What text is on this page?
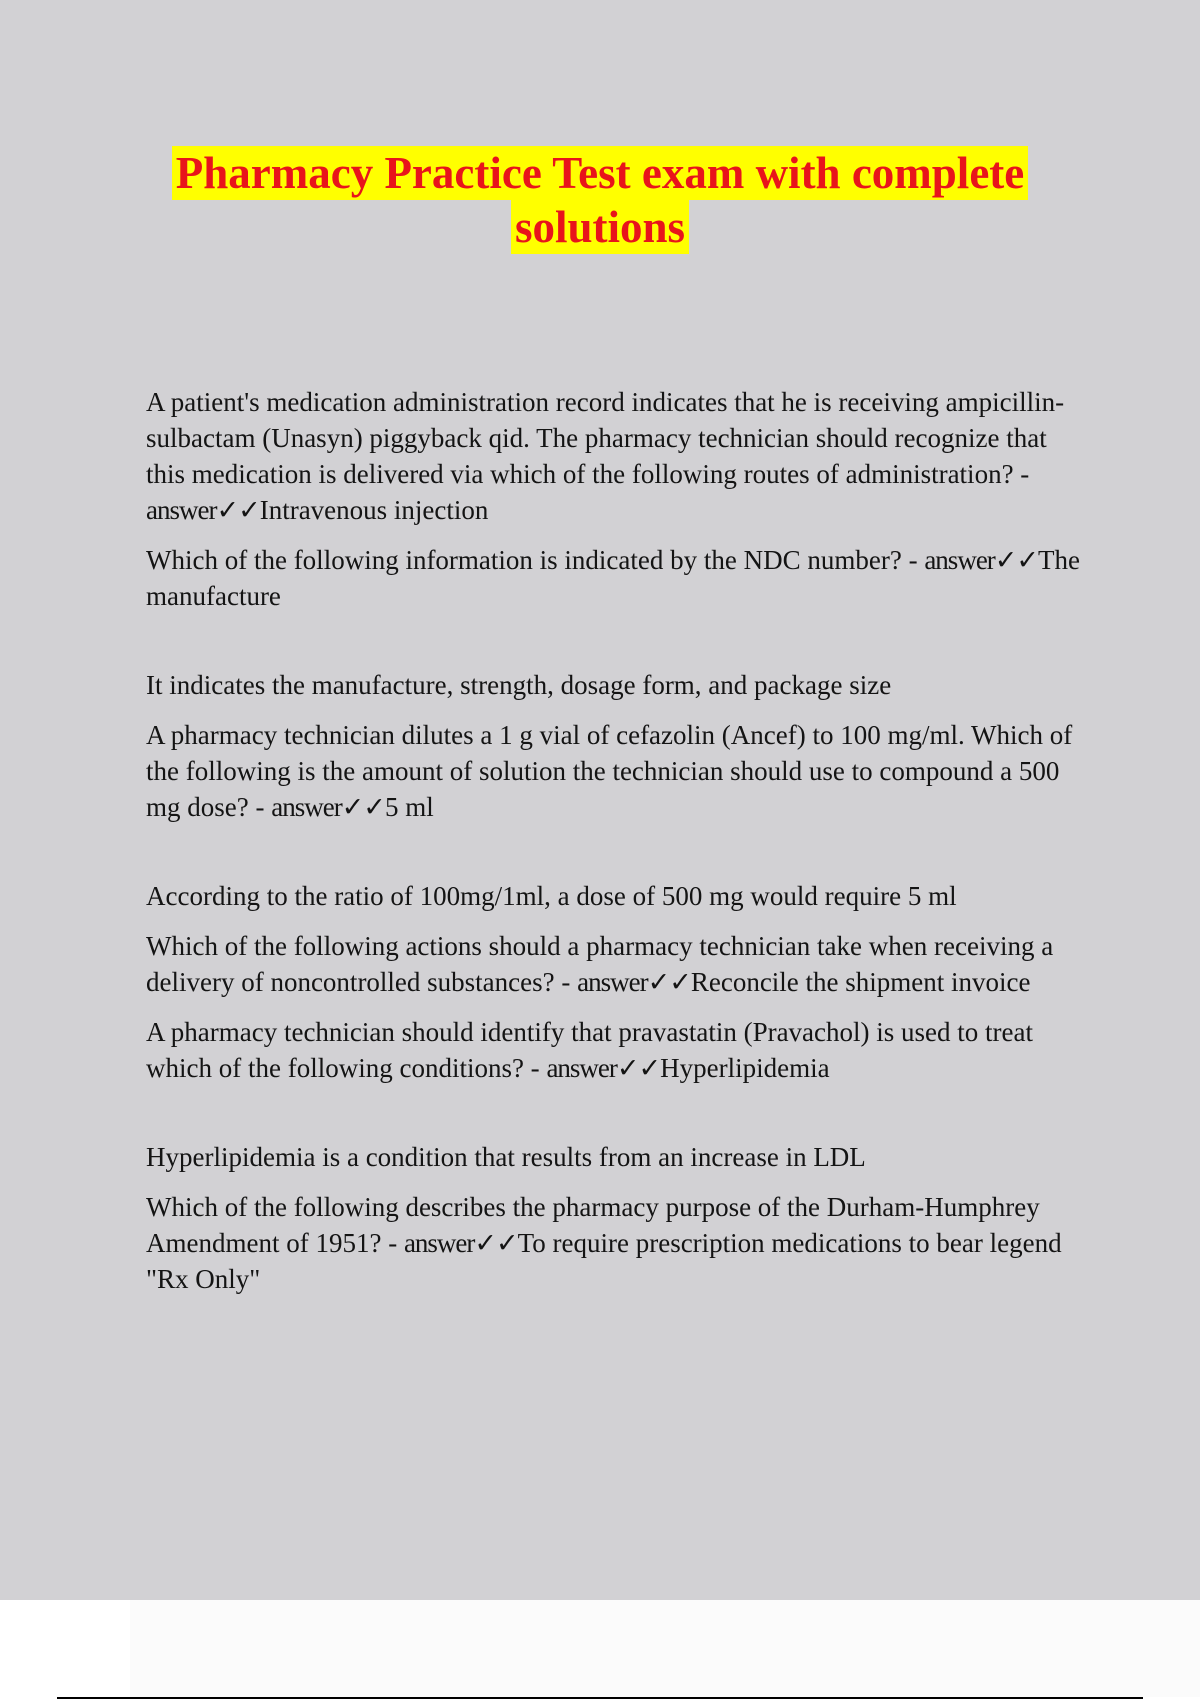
Pharmacy Practice Test exam with complete
solutions

A patient's medication administration record indicates that he is receiving ampicillin-sulbactam (Unasyn) piggyback qid. The pharmacy technician should recognize that this medication is delivered via which of the following routes of administration? - answer✓✓Intravenous injection

Which of the following information is indicated by the NDC number? - answer✓✓The manufacture

It indicates the manufacture, strength, dosage form, and package size

A pharmacy technician dilutes a 1 g vial of cefazolin (Ancef) to 100 mg/ml. Which of the following is the amount of solution the technician should use to compound a 500 mg dose? - answer✓✓5 ml

According to the ratio of 100mg/1ml, a dose of 500 mg would require 5 ml

Which of the following actions should a pharmacy technician take when receiving a delivery of noncontrolled substances? - answer✓✓Reconcile the shipment invoice

A pharmacy technician should identify that pravastatin (Pravachol) is used to treat which of the following conditions? - answer✓✓Hyperlipidemia

Hyperlipidemia is a condition that results from an increase in LDL

Which of the following describes the pharmacy purpose of the Durham-Humphrey Amendment of 1951? - answer✓✓To require prescription medications to bear legend "Rx Only"
